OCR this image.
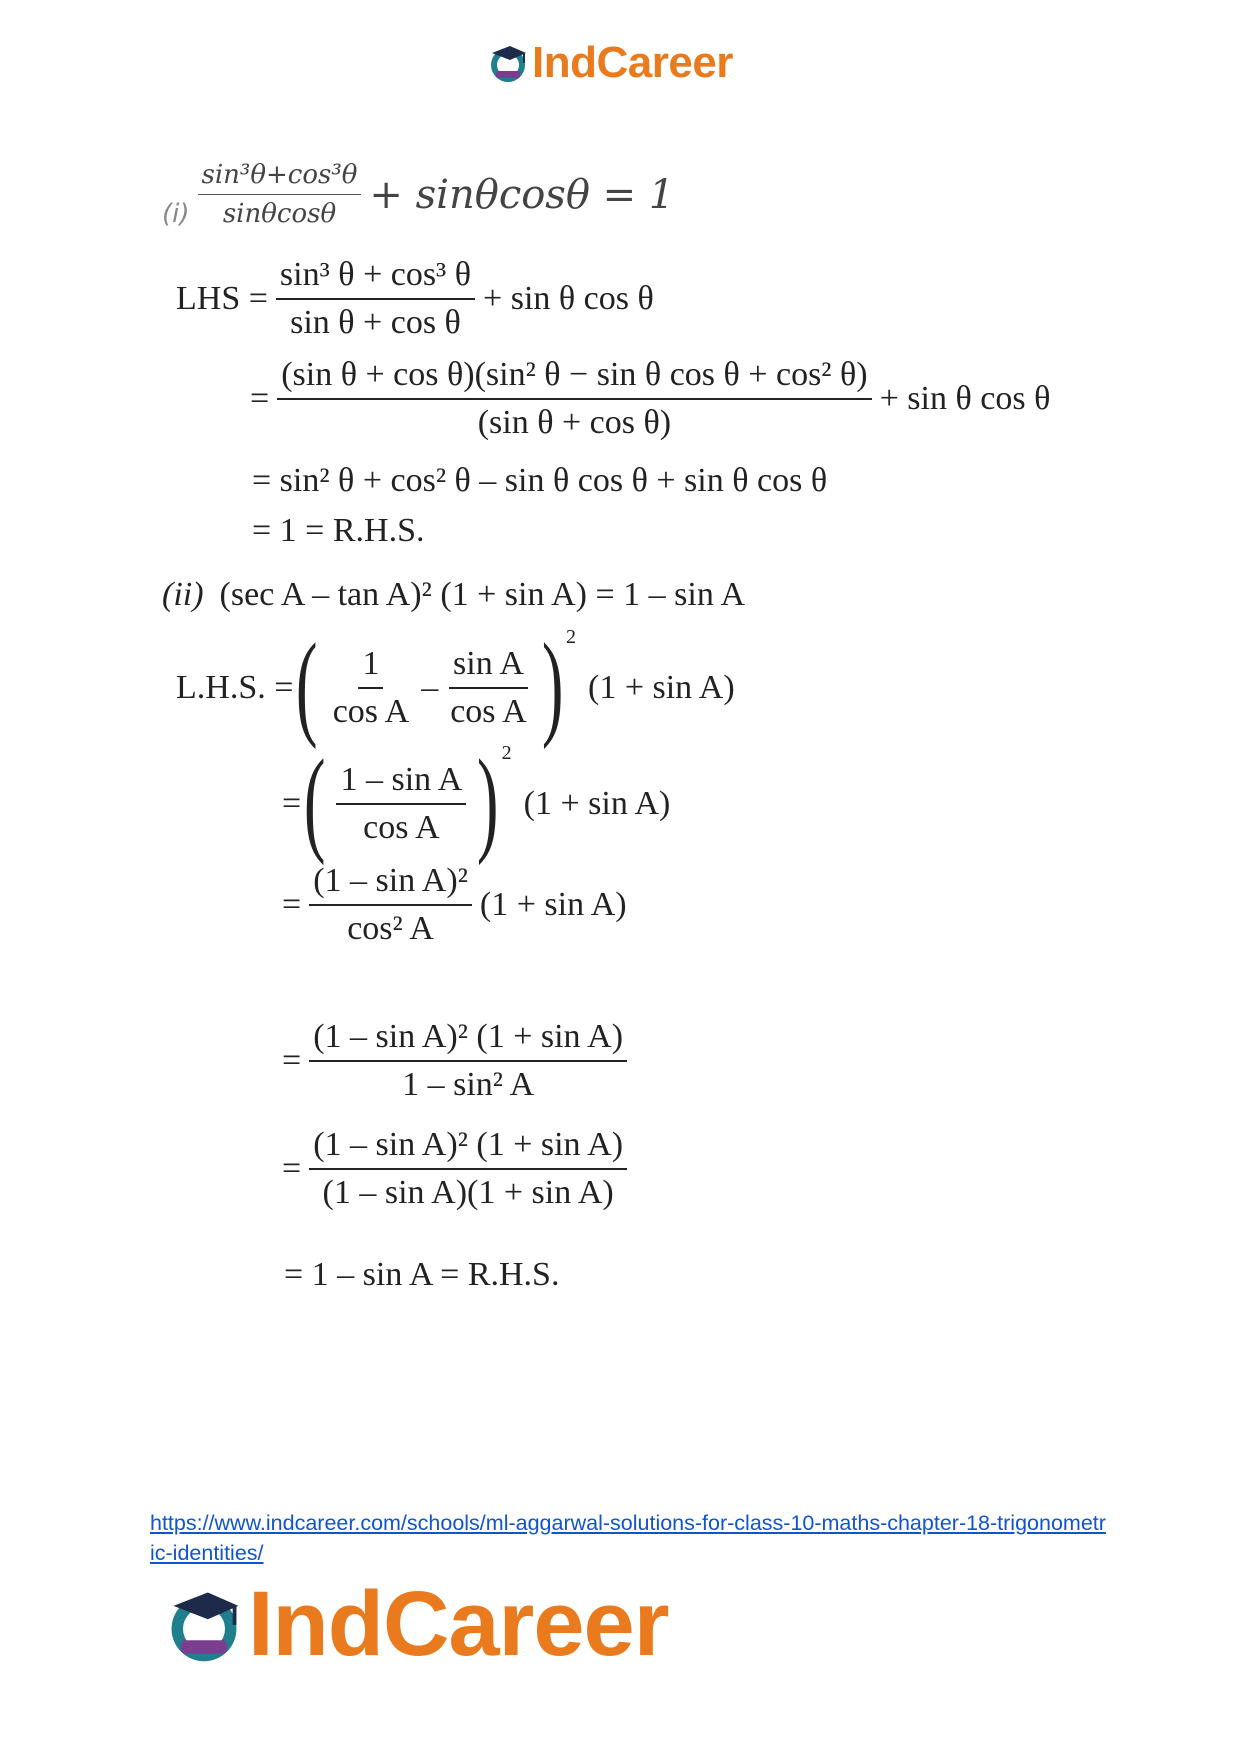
IndCareer
$(i) \frac{\text{sin³θ+cos³θ}}{\sin\theta\cos\theta} + \sin\theta\cos\theta = 1$
LHS = $\frac{\text{sin³ θ + cos³ θ}}{\text{sin θ + cos θ}} + \sin \theta$ cos θ
= $\frac{\text{(sin θ + cos θ)(sin² θ − sin θ cos θ + cos² θ)}}{\text{(sin θ + cos θ)}} + \sin \theta$ cos θ
= sin² θ + cos² θ – sin θ cos θ + sin θ cos θ
= 1 = R.H.S.
(ii) (sec A – tan A)² (1 + sin A) = 1 – sin A
L.H.S. = ( $\frac{1}{\text{cos A}} - \frac{\text{sin A}}{\text{cos A}}$ ) 2
(1 + sin A)
= ( $\frac{\text{1 – sin A}}{\text{cos A}}$ ) 2
(1 + sin A)
= $\frac{\text{(1 – sin A)²}}{\text{cos² A}} (1 + \sin A)$
= $\frac{\text{(1 – sin A)² (1 + sin A)}}{\text{1 – sin² A}}$
= $\frac{\text{(1 – sin A)² (1 + sin A)}}{\text{(1 – sin A)(1 + sin A)}}$
= 1 – sin A = R.H.S.
https://www.indcareer.com/schools/ml-aggarwal-solutions-for-class-10-maths-chapter-18-trigonometric-identities/
IndCareer
